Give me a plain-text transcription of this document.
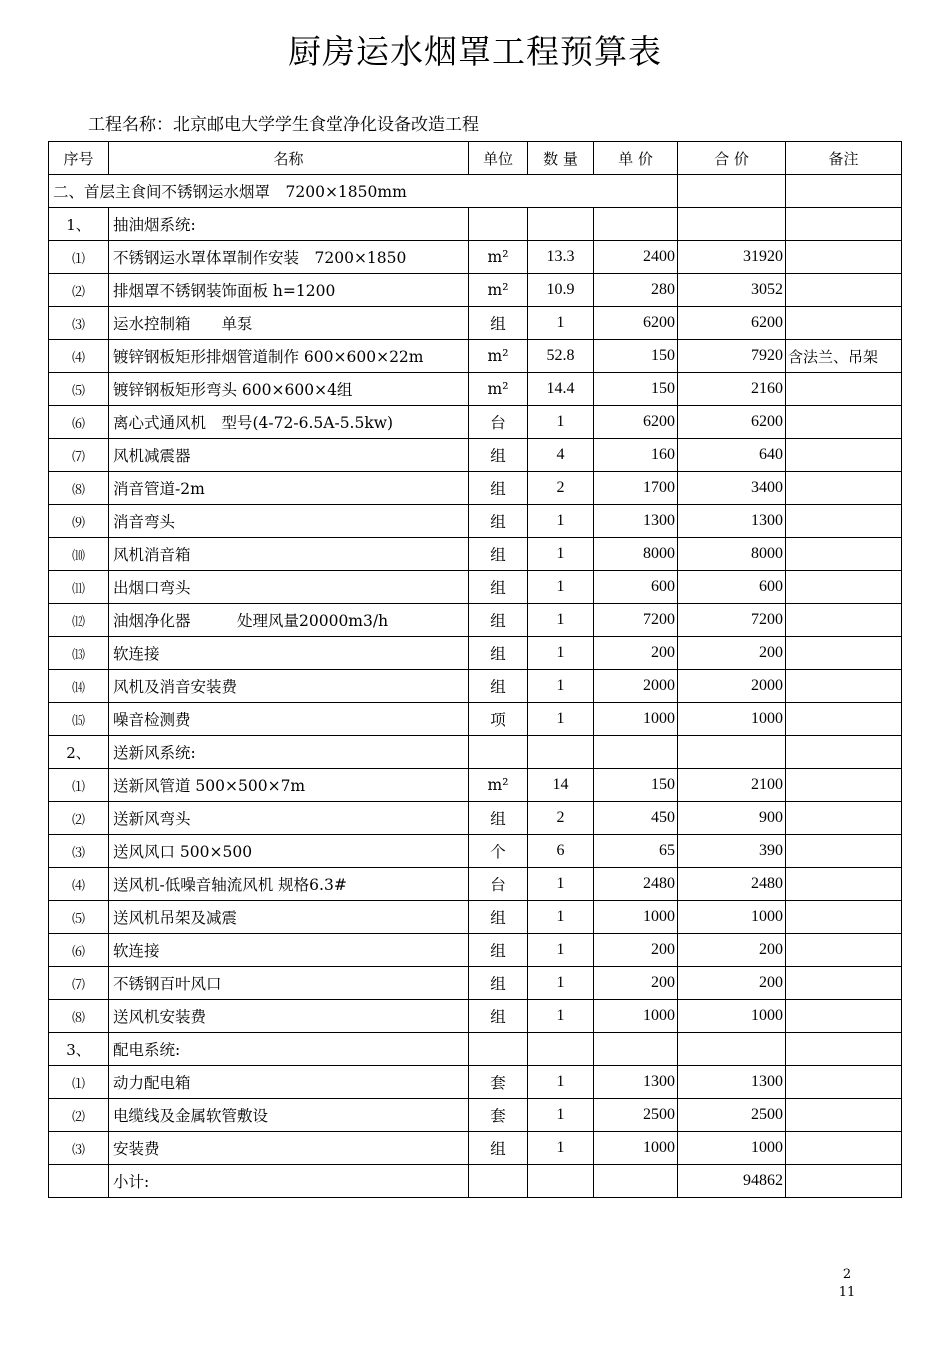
厨房运水烟罩工程预算表
工程名称：北京邮电大学学生食堂净化设备改造工程
序号	名称	单位	数 量	单 价	合 价	备注
二、首层主食间不锈钢运水烟罩　7200×1850mm						
1、	抽油烟系统:					
⑴	不锈钢运水罩体罩制作安装　7200×1850	m²	13.3	2400	31920	
⑵	排烟罩不锈钢装饰面板 h=1200	m²	10.9	280	3052	
⑶	运水控制箱　　单泵	组	1	6200	6200	
⑷	镀锌钢板矩形排烟管道制作 600×600×22m	m²	52.8	150	7920	含法兰、吊架
⑸	镀锌钢板矩形弯头 600×600×4组	m²	14.4	150	2160	
⑹	离心式通风机　型号(4-72-6.5A-5.5kw)	台	1	6200	6200	
⑺	风机减震器	组	4	160	640	
⑻	消音管道-2m	组	2	1700	3400	
⑼	消音弯头	组	1	1300	1300	
⑽	风机消音箱	组	1	8000	8000	
⑾	出烟口弯头	组	1	600	600	
⑿	油烟净化器　　　处理风量20000m3/h	组	1	7200	7200	
⒀	软连接	组	1	200	200	
⒁	风机及消音安装费	组	1	2000	2000	
⒂	噪音检测费	项	1	1000	1000	
2、	送新风系统:					
⑴	送新风管道 500×500×7m	m²	14	150	2100	
⑵	送新风弯头	组	2	450	900	
⑶	送风风口 500×500	个	6	65	390	
⑷	送风机-低噪音轴流风机 规格6.3#	台	1	2480	2480	
⑸	送风机吊架及减震	组	1	1000	1000	
⑹	软连接	组	1	200	200	
⑺	不锈钢百叶风口	组	1	200	200	
⑻	送风机安装费	组	1	1000	1000	
3、	配电系统:					
⑴	动力配电箱	套	1	1300	1300	
⑵	电缆线及金属软管敷设	套	1	2500	2500	
⑶	安装费	组	1	1000	1000	
	小计:				94862	
2
11
